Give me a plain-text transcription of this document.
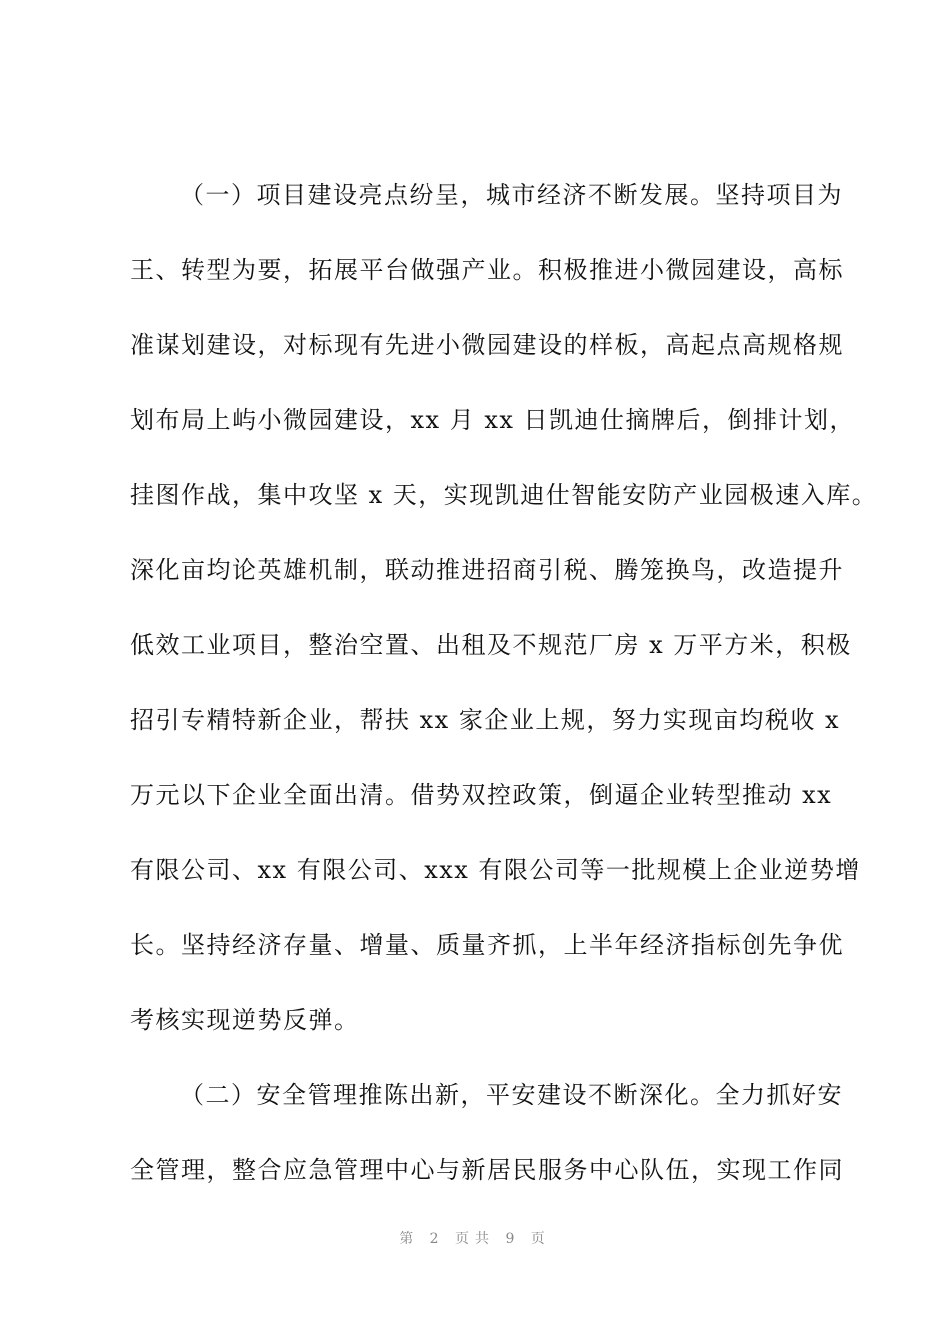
（一）项目建设亮点纷呈，城市经济不断发展。坚持项目为
王、转型为要，拓展平台做强产业。积极推进小微园建设，高标
准谋划建设，对标现有先进小微园建设的样板，高起点高规格规
划布局上屿小微园建设，xx 月 xx 日凯迪仕摘牌后，倒排计划，
挂图作战，集中攻坚 x 天，实现凯迪仕智能安防产业园极速入库。
深化亩均论英雄机制，联动推进招商引税、腾笼换鸟，改造提升
低效工业项目，整治空置、出租及不规范厂房 x 万平方米，积极
招引专精特新企业，帮扶 xx 家企业上规，努力实现亩均税收 x
万元以下企业全面出清。借势双控政策，倒逼企业转型推动 xx
有限公司、xx 有限公司、xxx 有限公司等一批规模上企业逆势增
长。坚持经济存量、增量、质量齐抓，上半年经济指标创先争优
考核实现逆势反弹。
（二）安全管理推陈出新，平安建设不断深化。全力抓好安
全管理，整合应急管理中心与新居民服务中心队伍，实现工作同
第 2 页共 9 页
